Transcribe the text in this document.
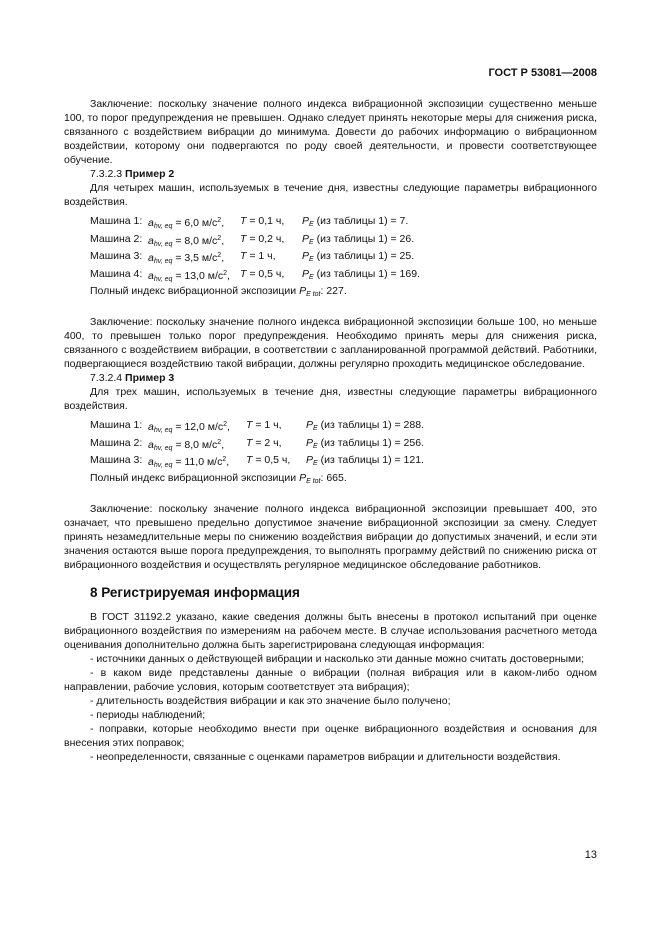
ГОСТ Р 53081—2008

Заключение: поскольку значение полного индекса вибрационной экспозиции существенно меньше 100, то порог предупреждения не превышен. Однако следует принять некоторые меры для снижения риска, связанного с воздействием вибрации до минимума. Довести до рабочих информацию о вибрационном воздействии, которому они подвергаются по роду своей деятельности, и провести соответствующее обучение.

7.3.2.3 Пример 2

Для четырех машин, используемых в течение дня, известны следующие параметры вибрационного воздействия.

Машина 1: $a_{hv, eq} = 6,0$ $м/с^2$, T = 0,1 ч, $P_E$ (из таблицы 1) = 7.
Машина 2: $a_{hv, eq} = 8,0$ $м/с^2$, T = 0,2 ч, $P_E$ (из таблицы 1) = 26.
Машина 3: $a_{hv, eq} = 3,5$ $м/с^2$, T = 1 ч,	$P_E$ (из таблицы 1) = 25.
Машина 4: $a_{hv, eq} = 13,0$ $м/с^2$, T = 0,5 ч, $P_E$ (из таблицы 1) = 169.

Полный индекс вибрационной экспозиции $P_{E tot}$: 227.

Заключение: поскольку значение полного индекса вибрационной экспозиции больше 100, но меньше 400, то превышен только порог предупреждения. Необходимо принять меры для снижения риска, связанного с воздействием вибрации, в соответствии с запланированной программой действий. Работники, подвергающиеся воздействию такой вибрации, должны регулярно проходить медицинское обследование.

7.3.2.4 Пример 3

Для трех машин, используемых в течение дня, известны следующие параметры вибрационного воздействия.

Машина 1: $a_{hv, eq} = 12,0$ $м/с^2$, T = 1 ч, $P_E$ (из таблицы 1) = 288.
Машина 2: $a_{hv, eq} = 8,0$ $м/с^2$, T = 2 ч, $P_E$ (из таблицы 1) = 256.
Машина 3: $a_{hv, eq} = 11,0$ $м/с^2$, T = 0,5 ч, $P_E$ (из таблицы 1) = 121.

Полный индекс вибрационной экспозиции $P_{E tot}$: 665.

Заключение: поскольку значение полного индекса вибрационной экспозиции превышает 400, это означает, что превышено предельно допустимое значение вибрационной экспозиции за смену. Следует принять незамедлительные меры по снижению воздействия вибрации до допустимых значений, и если эти значения остаются выше порога предупреждения, то выполнять программу действий по снижению риска от вибрационного воздействия и осуществлять регулярное медицинское обследование работников.

8 Регистрируемая информация

В ГОСТ 31192.2 указано, какие сведения должны быть внесены в протокол испытаний при оценке вибрационного воздействия по измерениям на рабочем месте. В случае использования расчетного метода оценивания дополнительно должна быть зарегистрирована следующая информация:

- источники данных о действующей вибрации и насколько эти данные можно считать достоверными;

- в каком виде представлены данные о вибрации (полная вибрация или в каком-либо одном направлении, рабочие условия, которым соответствует эта вибрация);

- длительность воздействия вибрации и как это значение было получено;

- периоды наблюдений;

- поправки, которые необходимо внести при оценке вибрационного воздействия и основания для внесения этих поправок;

- неопределенности, связанные с оценками параметров вибрации и длительности воздействия.

13
